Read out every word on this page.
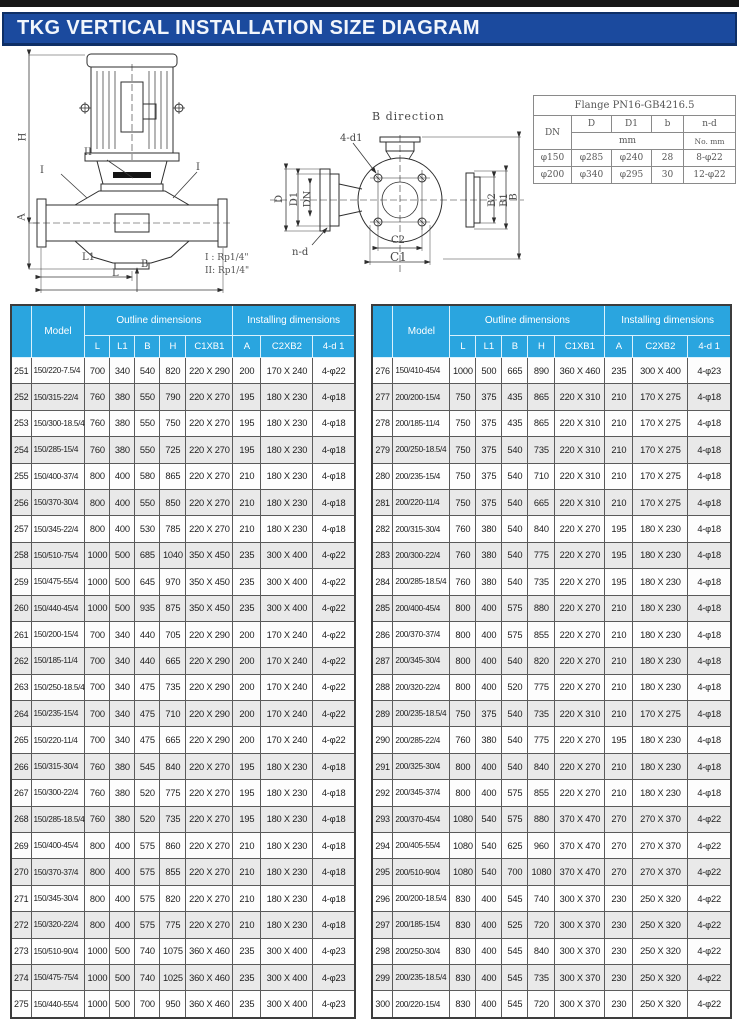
TKG VERTICAL INSTALLATION SIZE DIAGRAM
H
A
L1
L
B
I	I
II
I : Rp1/4"
II: Rp1/4"
B direction
4-d1
D D1 DN
n-d
C2
C1
B2 B1
B
Flange PN16-GB4216.5				
DN	D	D1	b	n-d
	mm			No. mm
φ150	φ285	φ240	28	8-φ22
φ200	φ340	φ295	30	12-φ22
	Model	Outline dimensions					Installing dimensions		
		L	L1	B	H	C1XB1	A	C2XB2	4-d 1
251	150/220-7.5/4	700	340	540	820	220 X 290	200	170 X 240	4-φ22
252	150/315-22/4	760	380	550	790	220 X 270	195	180 X 230	4-φ18
253	150/300-18.5/4	760	380	550	750	220 X 270	195	180 X 230	4-φ18
254	150/285-15/4	760	380	550	725	220 X 270	195	180 X 230	4-φ18
255	150/400-37/4	800	400	580	865	220 X 270	210	180 X 230	4-φ18
256	150/370-30/4	800	400	550	850	220 X 270	210	180 X 230	4-φ18
257	150/345-22/4	800	400	530	785	220 X 270	210	180 X 230	4-φ18
258	150/510-75/4	1000	500	685	1040	350 X 450	235	300 X 400	4-φ22
259	150/475-55/4	1000	500	645	970	350 X 450	235	300 X 400	4-φ22
260	150/440-45/4	1000	500	935	875	350 X 450	235	300 X 400	4-φ22
261	150/200-15/4	700	340	440	705	220 X 290	200	170 X 240	4-φ22
262	150/185-11/4	700	340	440	665	220 X 290	200	170 X 240	4-φ22
263	150/250-18.5/4	700	340	475	735	220 X 290	200	170 X 240	4-φ22
264	150/235-15/4	700	340	475	710	220 X 290	200	170 X 240	4-φ22
265	150/220-11/4	700	340	475	665	220 X 290	200	170 X 240	4-φ22
266	150/315-30/4	760	380	545	840	220 X 270	195	180 X 230	4-φ18
267	150/300-22/4	760	380	520	775	220 X 270	195	180 X 230	4-φ18
268	150/285-18.5/4	760	380	520	735	220 X 270	195	180 X 230	4-φ18
269	150/400-45/4	800	400	575	860	220 X 270	210	180 X 230	4-φ18
270	150/370-37/4	800	400	575	855	220 X 270	210	180 X 230	4-φ18
271	150/345-30/4	800	400	575	820	220 X 270	210	180 X 230	4-φ18
272	150/320-22/4	800	400	575	775	220 X 270	210	180 X 230	4-φ18
273	150/510-90/4	1000	500	740	1075	360 X 460	235	300 X 400	4-φ23
274	150/475-75/4	1000	500	740	1025	360 X 460	235	300 X 400	4-φ23
275	150/440-55/4	1000	500	700	950	360 X 460	235	300 X 400	4-φ23
	Model	Outline dimensions					Installing dimensions		
		L	L1	B	H	C1XB1	A	C2XB2	4-d 1
276	150/410-45/4	1000	500	665	890	360 X 460	235	300 X 400	4-φ23
277	200/200-15/4	750	375	435	865	220 X 310	210	170 X 275	4-φ18
278	200/185-11/4	750	375	435	865	220 X 310	210	170 X 275	4-φ18
279	200/250-18.5/4	750	375	540	735	220 X 310	210	170 X 275	4-φ18
280	200/235-15/4	750	375	540	710	220 X 310	210	170 X 275	4-φ18
281	200/220-11/4	750	375	540	665	220 X 310	210	170 X 275	4-φ18
282	200/315-30/4	760	380	540	840	220 X 270	195	180 X 230	4-φ18
283	200/300-22/4	760	380	540	775	220 X 270	195	180 X 230	4-φ18
284	200/285-18.5/4	760	380	540	735	220 X 270	195	180 X 230	4-φ18
285	200/400-45/4	800	400	575	880	220 X 270	210	180 X 230	4-φ18
286	200/370-37/4	800	400	575	855	220 X 270	210	180 X 230	4-φ18
287	200/345-30/4	800	400	540	820	220 X 270	210	180 X 230	4-φ18
288	200/320-22/4	800	400	520	775	220 X 270	210	180 X 230	4-φ18
289	200/235-18.5/4	750	375	540	735	220 X 310	210	170 X 275	4-φ18
290	200/285-22/4	760	380	540	775	220 X 270	195	180 X 230	4-φ18
291	200/325-30/4	800	400	540	840	220 X 270	210	180 X 230	4-φ18
292	200/345-37/4	800	400	575	855	220 X 270	210	180 X 230	4-φ18
293	200/370-45/4	1080	540	575	880	370 X 470	270	270 X 370	4-φ22
294	200/405-55/4	1080	540	625	960	370 X 470	270	270 X 370	4-φ22
295	200/510-90/4	1080	540	700	1080	370 X 470	270	270 X 370	4-φ22
296	200/200-18.5/4	830	400	545	740	300 X 370	230	250 X 320	4-φ22
297	200/185-15/4	830	400	525	720	300 X 370	230	250 X 320	4-φ22
298	200/250-30/4	830	400	545	840	300 X 370	230	250 X 320	4-φ22
299	200/235-18.5/4	830	400	545	735	300 X 370	230	250 X 320	4-φ22
300	200/220-15/4	830	400	545	720	300 X 370	230	250 X 320	4-φ22
